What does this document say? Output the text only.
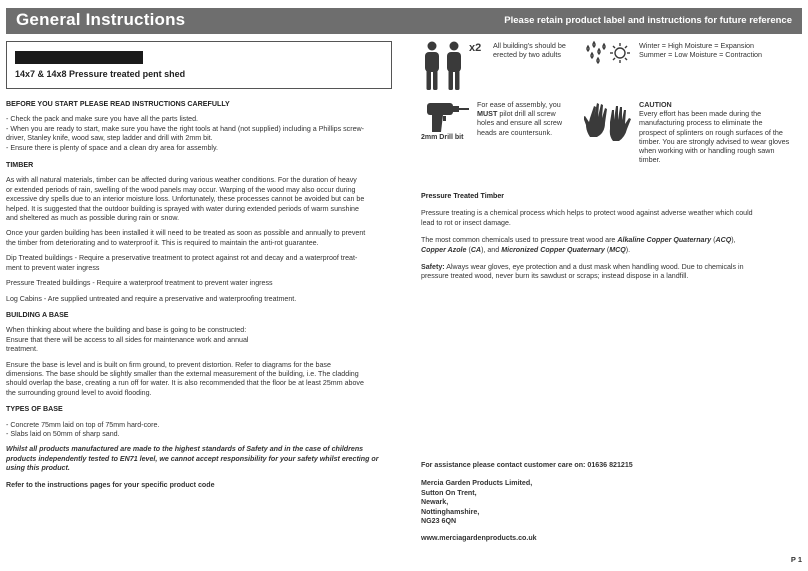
General Instructions	Please retain product label and instructions for future reference
14x7 & 14x8 Pressure treated pent shed

BEFORE YOU START PLEASE READ INSTRUCTIONS CAREFULLY

- Check the pack and make sure you have all the parts listed.

- When you are ready to start, make sure you have the right tools at hand (not supplied) including a Phillips screw-

driver, Stanley knife, wood saw, step ladder and drill with 2mm bit.

- Ensure there is plenty of space and a clean dry area for assembly.

TIMBER

As with all natural materials, timber can be affected during various weather conditions. For the duration of heavy

or extended periods of rain, swelling of the wood panels may occur. Warping of the wood may also occur during

excessive dry spells due to an interior moisture loss. Unfortunately, these processes cannot be avoided but can be

helped. It is suggested that the outdoor building is sprayed with water during extended periods of warm sunshine

and sheltered as much as possible during rain or snow.

Once your garden building has been installed it will need to be treated as soon as possible and annually to prevent

the timber from deteriorating and to waterproof it. This is required to maintain the anti-rot guarantee.

Dip Treated buildings - Require a preservative treatment to protect against rot and decay and a waterproof treat-

ment to prevent water ingress

Pressure Treated buildings - Require a waterproof treatment to prevent water ingress

Log Cabins - Are supplied untreated and require a preservative and waterproofing treatment.

BUILDING A BASE

When thinking about where the building and base is going to be constructed:

Ensure that there will be access to all sides for maintenance work and annual

treatment.

Ensure the base is level and is built on firm ground, to prevent distortion. Refer to diagrams for the base

dimensions. The base should be slightly smaller than the external measurement of the building, i.e. The cladding

should overlap the base, creating a run off for water. It is also recommended that the floor be at least 25mm above

the surrounding ground level to avoid flooding.

TYPES OF BASE

- Concrete 75mm laid on top of 75mm hard-core.

- Slabs laid on 50mm of sharp sand.

Whilst all products manufactured are made to the highest standards of Safety and in the case of childrens

products independently tested to EN71 level, we cannot accept responsibility for your safety whilst erecting or

using this product.

Refer to the instructions pages for your specific product code

x2 All building's should be
erected by two adults
Winter = High Moisture = Expansion
Summer = Low Moisture = Contraction
2mm Drill bit
For ease of assembly, you
MUST pilot drill all screw
holes and ensure all screw
heads are countersunk.
CAUTION
Every effort has been made during the
manufacturing process to eliminate the
prospect of splinters on rough surfaces of the
timber. You are strongly advised to wear gloves
when working with or handling rough sawn
timber.

Pressure Treated Timber

Pressure treating is a chemical process which helps to protect wood against adverse weather which could

lead to rot or insect damage.

The most common chemicals used to pressure treat wood are Alkaline Copper Quaternary (ACQ),

Copper Azole (CA), and Micronized Copper Quaternary (MCQ).

Safety: Always wear gloves, eye protection and a dust mask when handling wood. Due to chemicals in

pressure treated wood, never burn its sawdust or scraps; instead dispose in a landfill.

For assistance please contact customer care on: 01636 821215

Mercia Garden Products Limited,

Sutton On Trent,

Newark,

Nottinghamshire,

NG23 6QN

www.merciagardenproducts.co.uk

P 1
